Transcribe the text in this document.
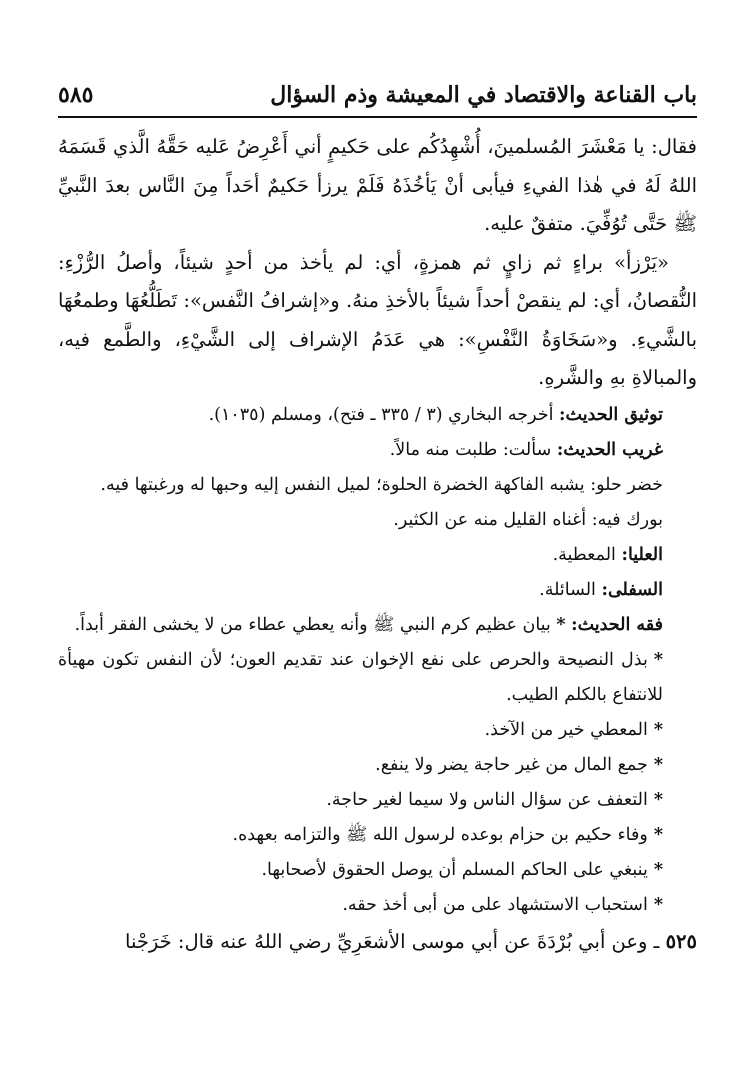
باب القناعة والاقتصاد في المعيشة وذم السؤال
٥٨٥

فقال: يا مَعْشَرَ المُسلمينَ، أُشْهِدُكُم على حَكيمٍ أني أَعْرِضُ عَليه حَقَّهُ الَّذي قَسَمَهُ اللهُ لَهُ في هٰذا الفيءِ فيأبى أنْ يَأخُذَهُ فَلَمْ يرزأ حَكيمٌ أحَداً مِنَ النَّاس بعدَ النَّبيِّ ﷺ حَتَّى تُوُفِّيَ. متفقٌ عليه.

«يَرْزأ» براءٍ ثم زايٍ ثم همزةٍ، أي: لم يأخذ من أحدٍ شيئاً، وأصلُ الرُّزْءِ: النُّقصانُ، أي: لم ينقصْ أحداً شيئاً بالأخذِ منهُ. و«إشرافُ النَّفس»: تَطَلُّعُهَا وطمعُهَا بالشَّيءِ. و«سَخَاوَةُ النَّفْسِ»: هي عَدَمُ الإشراف إلى الشَّيْءِ، والطَّمع فيه، والمبالاةِ بهِ والشَّرهِ.

توثيق الحديث: أخرجه البخاري (٣ / ٣٣٥ ـ فتح)، ومسلم (١٠٣٥).

غريب الحديث: سألت: طلبت منه مالاً.

خضر حلو: يشبه الفاكهة الخضرة الحلوة؛ لميل النفس إليه وحبها له ورغبتها فيه.

بورك فيه: أغناه القليل منه عن الكثير.

العليا: المعطية.

السفلى: السائلة.

فقه الحديث: * بيان عظيم كرم النبي ﷺ وأنه يعطي عطاء من لا يخشى الفقر أبداً.

*بذل النصيحة والحرص على نفع الإخوان عند تقديم العون؛ لأن النفس تكون مهيأة للانتفاع بالكلم الطيب.
*المعطي خير من الآخذ.
*جمع المال من غير حاجة يضر ولا ينفع.
*التعفف عن سؤال الناس ولا سيما لغير حاجة.
*وفاء حكيم بن حزام بوعده لرسول الله ﷺ والتزامه بعهده.
*ينبغي على الحاكم المسلم أن يوصل الحقوق لأصحابها.
*استحباب الاستشهاد على من أبى أخذ حقه.

٥٢٥ ـ وعن أبي بُرْدَةَ عن أبي موسى الأشعَرِيِّ رضي اللهُ عنه قال: خَرَجْنا
